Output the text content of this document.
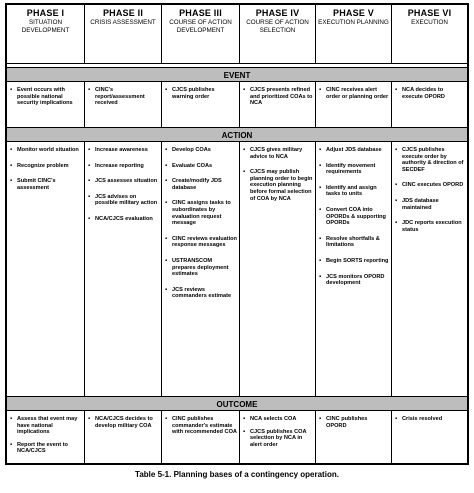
PHASE I
SITUATION DEVELOPMENT
PHASE II
CRISIS ASSESSMENT
PHASE III
COURSE OF ACTION DEVELOPMENT
PHASE IV
COURSE OF ACTION SELECTION
PHASE V
EXECUTION PLANNING
PHASE VI
EXECUTION
EVENT
▪ Event occurs with possible national security implications
▪ CINC's report/assessment received
▪ CJCS publishes warning order
▪ CJCS presents refined and prioritized COAs to NCA
▪ CINC receives alert order or planning order
▪ NCA decides to execute OPORD
ACTION
▪ Monitor world situation
▪ Recognize problem
▪ Submit CINC's assessment
▪ Increase awareness
▪ Increase reporting
▪ JCS assesses situation
▪ JCS advises on possible military action
▪ NCA/CJCS evaluation
▪ Develop COAs
▪ Evaluate COAs
▪ Create/modify JDS database
▪ CINC assigns tasks to subordinates by evaluation request message
▪ CINC reviews evaluation response messages
▪ USTRANSCOM prepares deployment estimates
▪ JCS reviews commanders estimate
▪ CJCS gives military advice to NCA
▪ CJCS may publish planning order to begin execution planning before formal selection of COA by NCA
▪ Adjust JDS database
▪ Identify movement requirements
▪ Identify and assign tasks to units
▪ Convert COA into OPORDs & supporting OPORDs
▪ Resolve shortfalls & limitations
▪ Begin SORTS reporting
▪ JCS monitors OPORD development
▪ CJCS publishes execute order by authority & direction of SECDEF
▪ CINC executes OPORD
▪ JDS database maintained
▪ JDC reports execution status
OUTCOME
▪ Assess that event may have national implications
▪ Report the event to NCA/CJCS
▪ NCA/CJCS decides to develop military COA
▪ CINC publishes commander's estimate with recommended COA
▪ NCA selects COA
▪ CJCS publishes COA selection by NCA in alert order
▪ CINC publishes OPORD
▪ Crisis resolved
Table 5-1. Planning bases of a contingency operation.
